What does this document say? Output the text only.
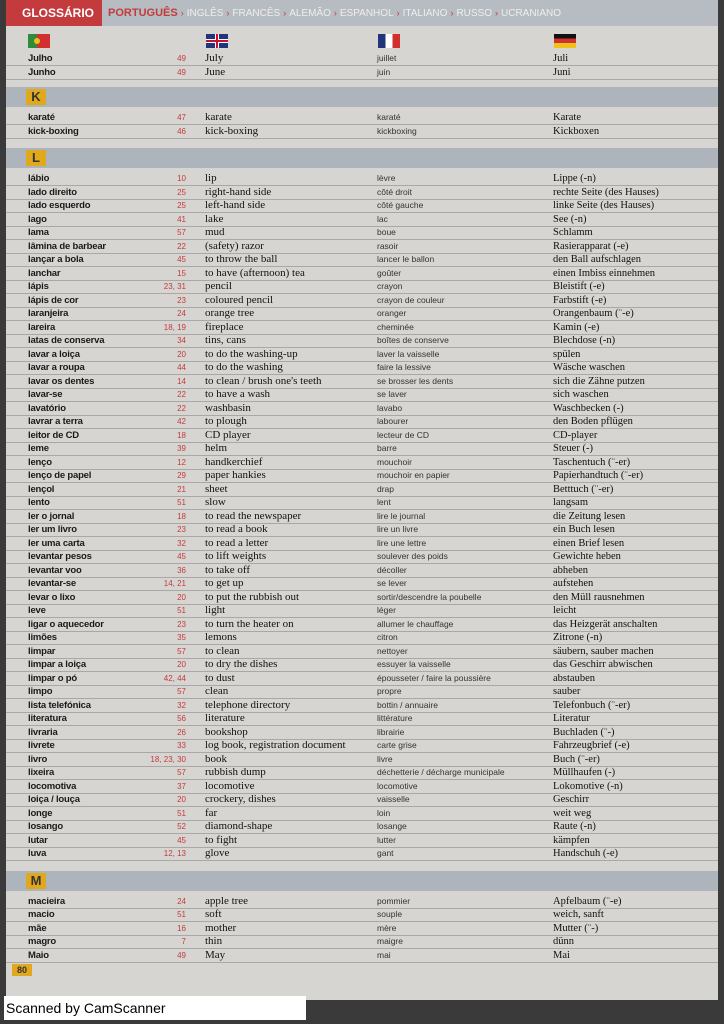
GLOSSÁRIO	PORTUGUÊS › INGLÊS › FRANCÊS › ALEMÃO › ESPANHOL › ITALIANO › RUSSO › UCRANIANO
Julho	49 July	juillet	Juli
Junho	49 June	juin	Juni
K
karaté	47 karate	karaté	Karate
kick-boxing	46 kick-boxing	kickboxing	Kickboxen
L
lábio	10 lip	lèvre	Lippe (-n)
lado direito	25 right-hand side	côté droit	rechte Seite (des Hauses)
lado esquerdo	25 left-hand side	côté gauche	linke Seite (des Hauses)
lago	41 lake	lac	See (-n)
lama	57 mud	boue	Schlamm
lâmina de barbear	22 (safety) razor	rasoir	Rasierapparat (-e)
lançar a bola	45 to throw the ball	lancer le ballon	den Ball aufschlagen
lanchar	15 to have (afternoon) tea	goûter	einen Imbiss einnehmen
lápis	23, 31 pencil	crayon	Bleistift (-e)
lápis de cor	23 coloured pencil	crayon de couleur	Farbstift (-e)
laranjeira	24 orange tree	oranger	Orangenbaum (¨-e)
lareira	18, 19 fireplace	cheminée	Kamin (-e)
latas de conserva	34 tins, cans	boîtes de conserve	Blechdose (-n)
lavar a loiça	20 to do the washing-up	laver la vaisselle	spülen
lavar a roupa	44 to do the washing	faire la lessive	Wäsche waschen
lavar os dentes	14 to clean / brush one's teeth	se brosser les dents	sich die Zähne putzen
lavar-se	22 to have a wash	se laver	sich waschen
lavatório	22 washbasin	lavabo	Waschbecken (-)
lavrar a terra	42 to plough	labourer	den Boden pflügen
leitor de CD	18 CD player	lecteur de CD	CD-player
leme	39 helm	barre	Steuer (-)
lenço	12 handkerchief	mouchoir	Taschentuch (¨-er)
lenço de papel	29 paper hankies	mouchoir en papier	Papierhandtuch (¨-er)
lençol	21 sheet	drap	Betttuch (¨-er)
lento	51 slow	lent	langsam
ler o jornal	18 to read the newspaper	lire le journal	die Zeitung lesen
ler um livro	23 to read a book	lire un livre	ein Buch lesen
ler uma carta	32 to read a letter	lire une lettre	einen Brief lesen
levantar pesos	45 to lift weights	soulever des poids	Gewichte heben
levantar voo	36 to take off	décoller	abheben
levantar-se	14, 21 to get up	se lever	aufstehen
levar o lixo	20 to put the rubbish out	sortir/descendre la poubelle	den Müll rausnehmen
leve	51 light	léger	leicht
ligar o aquecedor	23 to turn the heater on	allumer le chauffage	das Heizgerät anschalten
limões	35 lemons	citron	Zitrone (-n)
limpar	57 to clean	nettoyer	säubern, sauber machen
limpar a loiça	20 to dry the dishes	essuyer la vaisselle	das Geschirr abwischen
limpar o pó	42, 44 to dust	épousseter / faire la poussière	abstauben
limpo	57 clean	propre	sauber
lista telefónica	32 telephone directory	bottin / annuaire	Telefonbuch (¨-er)
literatura	56 literature	littérature	Literatur
livraria	26 bookshop	librairie	Buchladen (¨-)
livrete	33 log book, registration document	carte grise	Fahrzeugbrief (-e)
livro	18, 23, 30 book	livre	Buch (¨-er)
lixeira	57 rubbish dump	déchetterie / décharge municipale	Müllhaufen (-)
locomotiva	37 locomotive	locomotive	Lokomotive (-n)
loiça / louça	20 crockery, dishes	vaisselle	Geschirr
longe	51 far	loin	weit weg
losango	52 diamond-shape	losange	Raute (-n)
lutar	45 to fight	lutter	kämpfen
luva	12, 13 glove	gant	Handschuh (-e)
M
macieira	24 apple tree	pommier	Apfelbaum (¨-e)
macio	51 soft	souple	weich, sanft
mãe	16 mother	mère	Mutter (¨-)
magro	7 thin	maigre	dünn
Maio	49 May	mai	Mai
80
Scanned by CamScanner
